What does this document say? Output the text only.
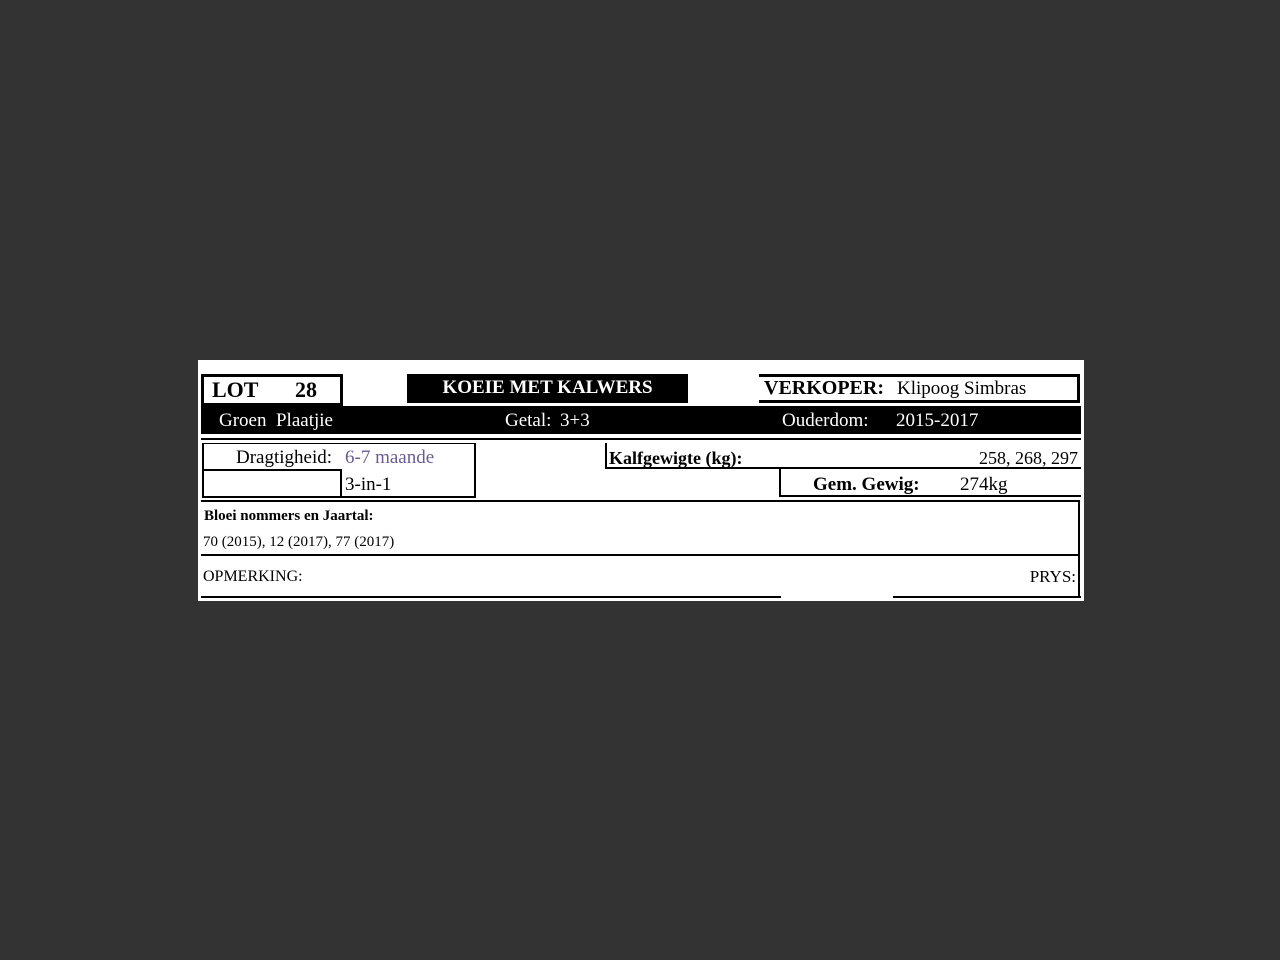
LOT 28	KOEIE MET KALWERS	VERKOPER: Klipoog Simbras
Groen  Plaatjie	Getal: 3+3	Ouderdom: 2015-2017
Dragtigheid: 6-7 maande
3-in-1
Kalfgewigte (kg):	258, 268, 297
Gem. Gewig: 274kg
Bloei nommers en Jaartal:
70 (2015), 12 (2017), 77 (2017)
OPMERKING:	PRYS:
